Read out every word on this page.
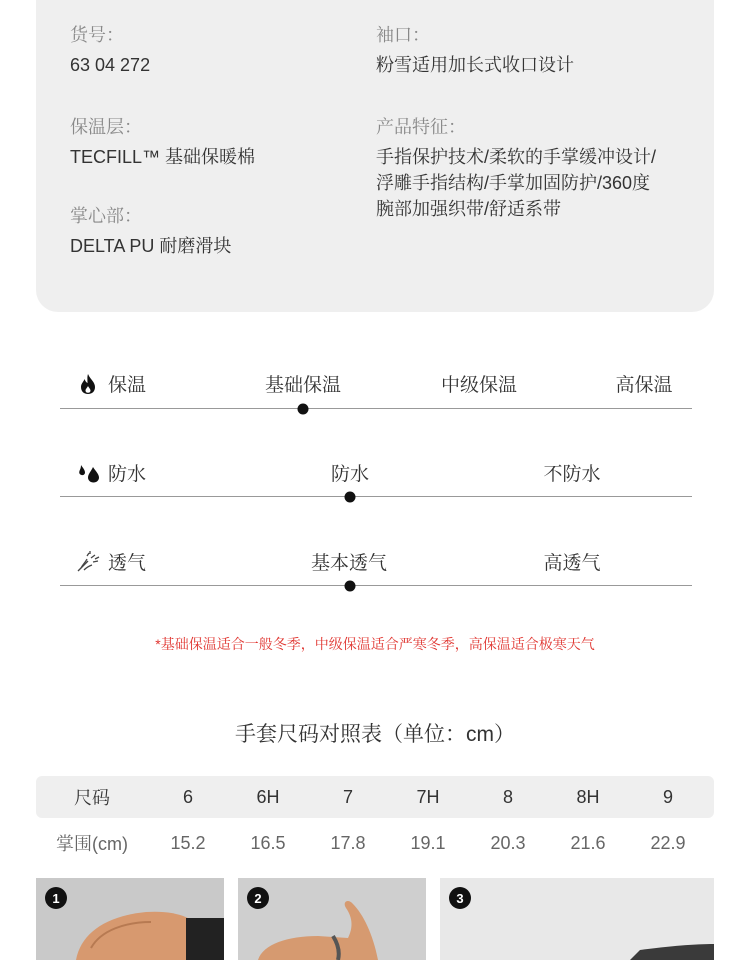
货号：
63 04 272
袖口：
粉雪适用加长式收口设计
保温层：
TECFILL™ 基础保暖棉
产品特征：
手指保护技术/柔软的手掌缓冲设计/
浮雕手指结构/手掌加固防护/360度
腕部加强织带/舒适系带
掌心部：
DELTA PU 耐磨滑块
保温	基础保温	中级保温	高保温
防水	防水	不防水
透气	基本透气	高透气
*基础保温适合一般冬季，中级保温适合严寒冬季，高保温适合极寒天气
手套尺码对照表（单位：cm）
尺码	6	6H	7	7H	8	8H	9
掌围(cm)	15.2	16.5	17.8	19.1	20.3	21.6	22.9
1	2	3
